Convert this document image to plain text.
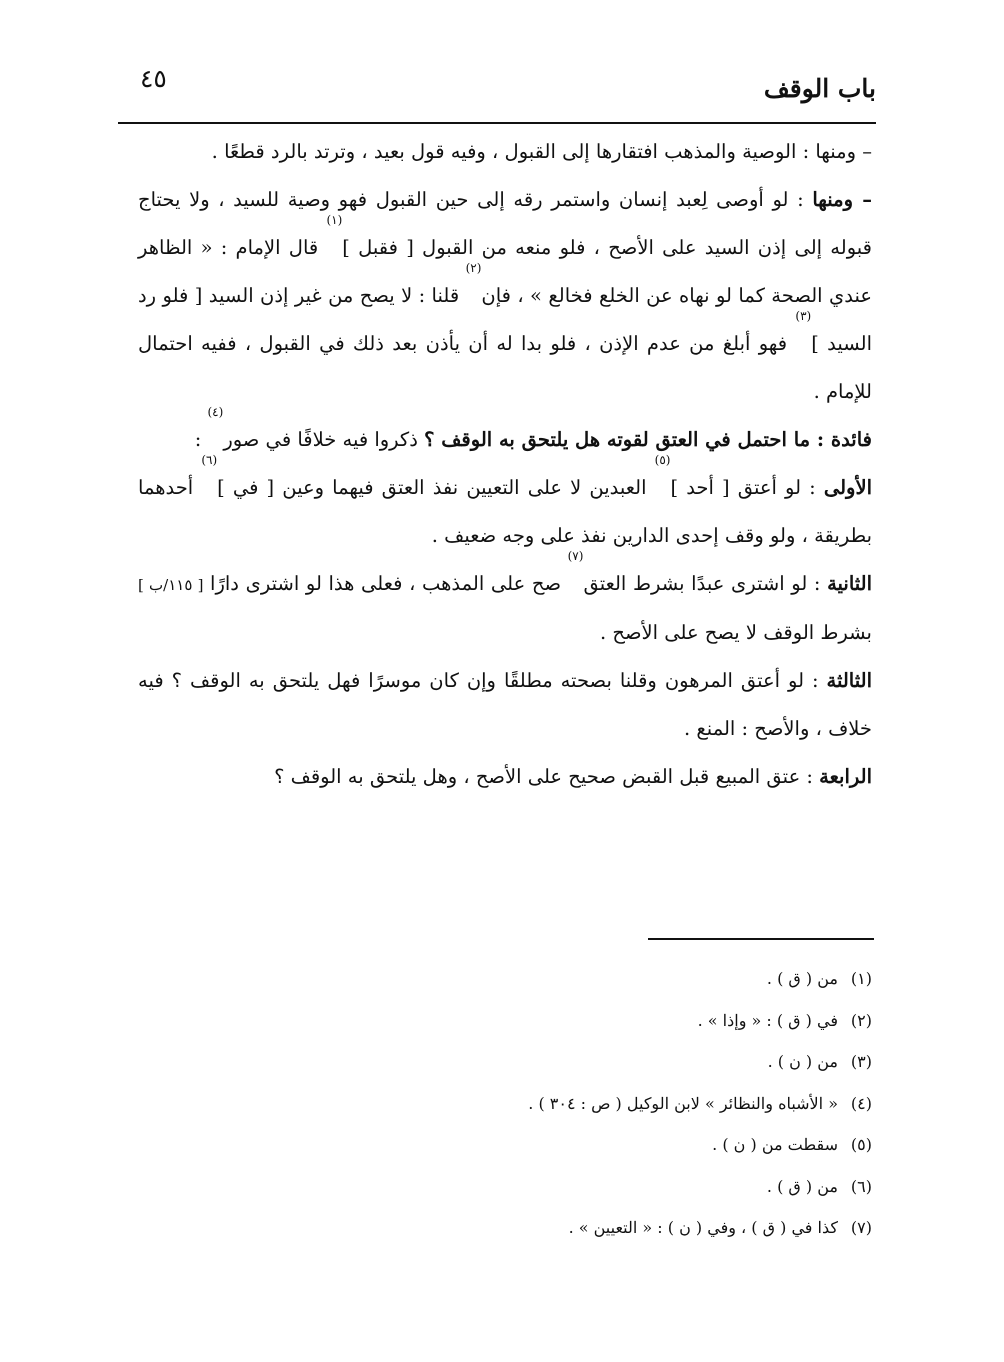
باب الوقف
٤٥

– ومنها : الوصية والمذهب افتقارها إلى القبول ، وفيه قول بعيد ، وترتد بالرد قطعًا .

– ومنها : لو أوصى لِعبد إنسان واستمر رقه إلى حين القبول فهو وصية للسيد ، ولا يحتاج قبوله إلى إذن السيد على الأصح ، فلو منعه من القبول [ فقبل ]$^{(١)}$ قال الإمام : « الظاهر عندي الصحة كما لو نهاه عن الخلع فخالع » ، فإن$^{(٢)}$ قلنا : لا يصح من غير إذن السيد [ فلو رد السيد ]$^{(٣)}$ فهو أبلغ من عدم الإذن ، فلو بدا له أن يأذن بعد ذلك في القبول ، ففيه احتمال للإمام .

فائدة : ما احتمل في العتق لقوته هل يلتحق به الوقف ؟ ذكروا فيه خلافًا في صور$^{(٤)}$ :

الأولى : لو أعتق [ أحد ]$^{(٥)}$ العبدين لا على التعيين نفذ العتق فيهما وعين [ في ]$^{(٦)}$ أحدهما بطريقة ، ولو وقف إحدى الدارين نفذ على وجه ضعيف .

الثانية : لو اشترى عبدًا بشرط العتق$^{(٧)}$ صح على المذهب ، فعلى هذا لو اشترى دارًا [ ١١٥/ب ] بشرط الوقف لا يصح على الأصح .

الثالثة : لو أعتق المرهون وقلنا بصحته مطلقًا وإن كان موسرًا فهل يلتحق به الوقف ؟ فيه خلاف ، والأصح : المنع .

الرابعة : عتق المبيع قبل القبض صحيح على الأصح ، وهل يلتحق به الوقف ؟

(١)من ( ق ) .
(٢)في ( ق ) : « وإذا » .
(٣)من ( ن ) .
(٤)« الأشباه والنظائر » لابن الوكيل ( ص : ٣٠٤ ) .
(٥)سقطت من ( ن ) .
(٦)من ( ق ) .
(٧)كذا في ( ق ) ، وفي ( ن ) : « التعيين » .
